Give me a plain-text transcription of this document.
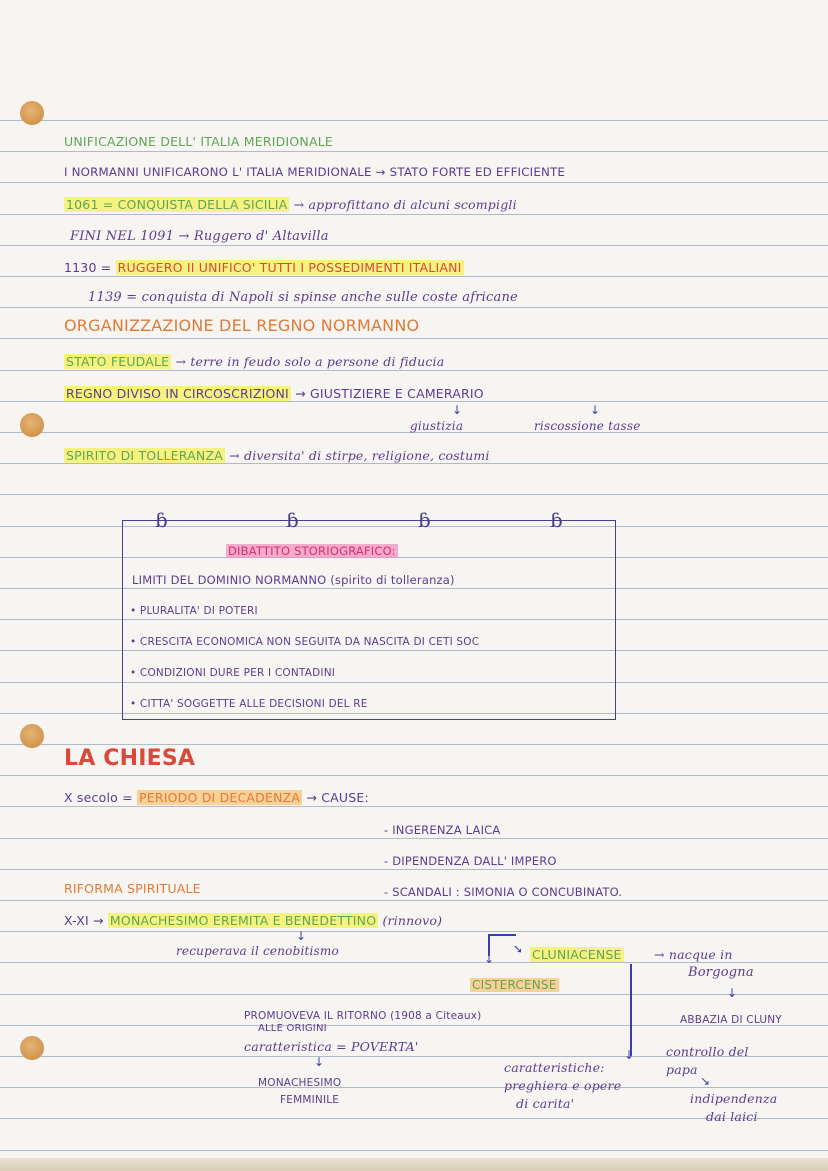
UNIFICAZIONE DELL' ITALIA MERIDIONALE
I NORMANNI UNIFICARONO L' ITALIA MERIDIONALE → STATO FORTE ED EFFICIENTE
1061 = CONQUISTA DELLA SICILIA → approfittano di alcuni scompigli
FINI NEL 1091 → Ruggero d' Altavilla
1130 = RUGGERO II UNIFICO' TUTTI I POSSEDIMENTI ITALIANI
1139 = conquista di Napoli si spinse anche sulle coste africane
ORGANIZZAZIONE DEL REGNO NORMANNO
STATO FEUDALE → terre in feudo solo a persone di fiducia
REGNO DIVISO IN CIRCOSCRIZIONI → GIUSTIZIERE E CAMERARIO
↓	↓
giustizia	riscossione tasse
SPIRITO DI TOLLERANZA → diversita' di stirpe, religione, costumi
ɓ	ɓ	ɓ	ɓ
DIBATTITO STORIOGRAFICO:
LIMITI DEL DOMINIO NORMANNO (spirito di tolleranza)
• PLURALITA' DI POTERI
• CRESCITA ECONOMICA NON SEGUITA DA NASCITA DI CETI SOC
• CONDIZIONI DURE PER I CONTADINI
• CITTA' SOGGETTE ALLE DECISIONI DEL RE
LA CHIESA
X secolo = PERIODO DI DECADENZA → CAUSE:
- INGERENZA LAICA
- DIPENDENZA DALL' IMPERO
RIFORMA SPIRITUALE	- SCANDALI : SIMONIA O CONCUBINATO.
X-XI → MONACHESIMO EREMITA E BENEDETTINO (rinnovo)
↓
recuperava il cenobitismo	➘
↓	CLUNIACENSE	→ nacque in
Borgogna
CISTERCENSE
↓
↓
ABBAZIA DI CLUNY
PROMUOVEVA IL RITORNO (1908 a Citeaux)
ALLE ORIGINI
caratteristica = POVERTA'
↓
MONACHESIMO
FEMMINILE
caratteristiche:
preghiera e opere
di carita'
controllo del
papa
↘
indipendenza
dai laici
